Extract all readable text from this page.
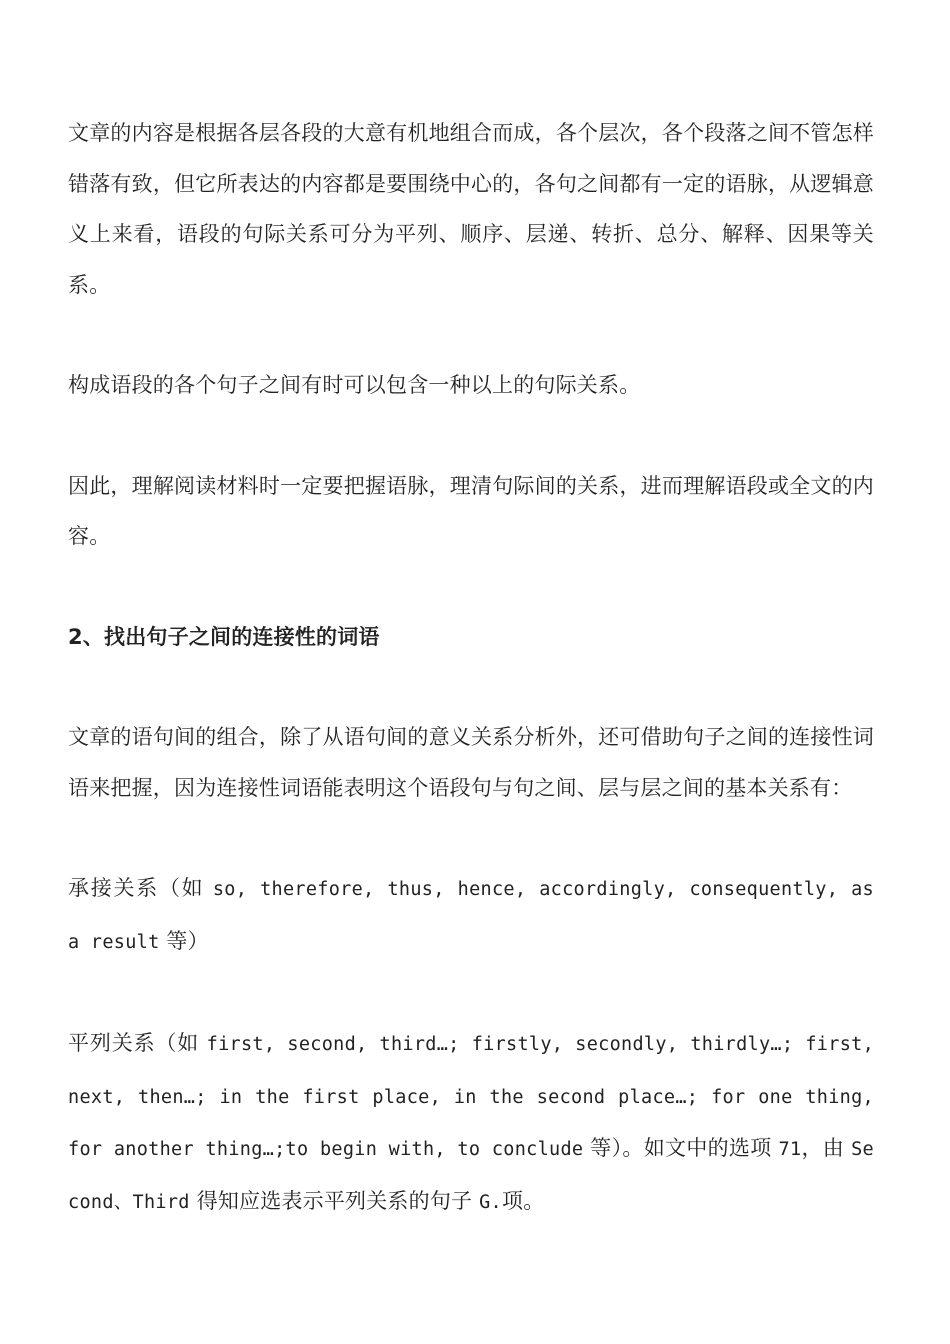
文章的内容是根据各层各段的大意有机地组合而成，各个层次，各个段落之间不管怎样错落有致，但它所表达的内容都是要围绕中心的，各句之间都有一定的语脉，从逻辑意义上来看，语段的句际关系可分为平列、顺序、层递、转折、总分、解释、因果等关系。

构成语段的各个句子之间有时可以包含一种以上的句际关系。

因此，理解阅读材料时一定要把握语脉，理清句际间的关系，进而理解语段或全文的内容。

2、找出句子之间的连接性的词语

文章的语句间的组合，除了从语句间的意义关系分析外，还可借助句子之间的连接性词语来把握，因为连接性词语能表明这个语段句与句之间、层与层之间的基本关系有：

承接关系（如 so, therefore, thus, hence, accordingly, consequently, as a result 等）

平列关系（如 first, second, third…; firstly, secondly, thirdly…; first, next, then…; in the first place, in the second place…; for one thing, for another thing…;to begin with, to conclude 等）。如文中的选项 71，由 Second、Third 得知应选表示平列关系的句子 G.项。
